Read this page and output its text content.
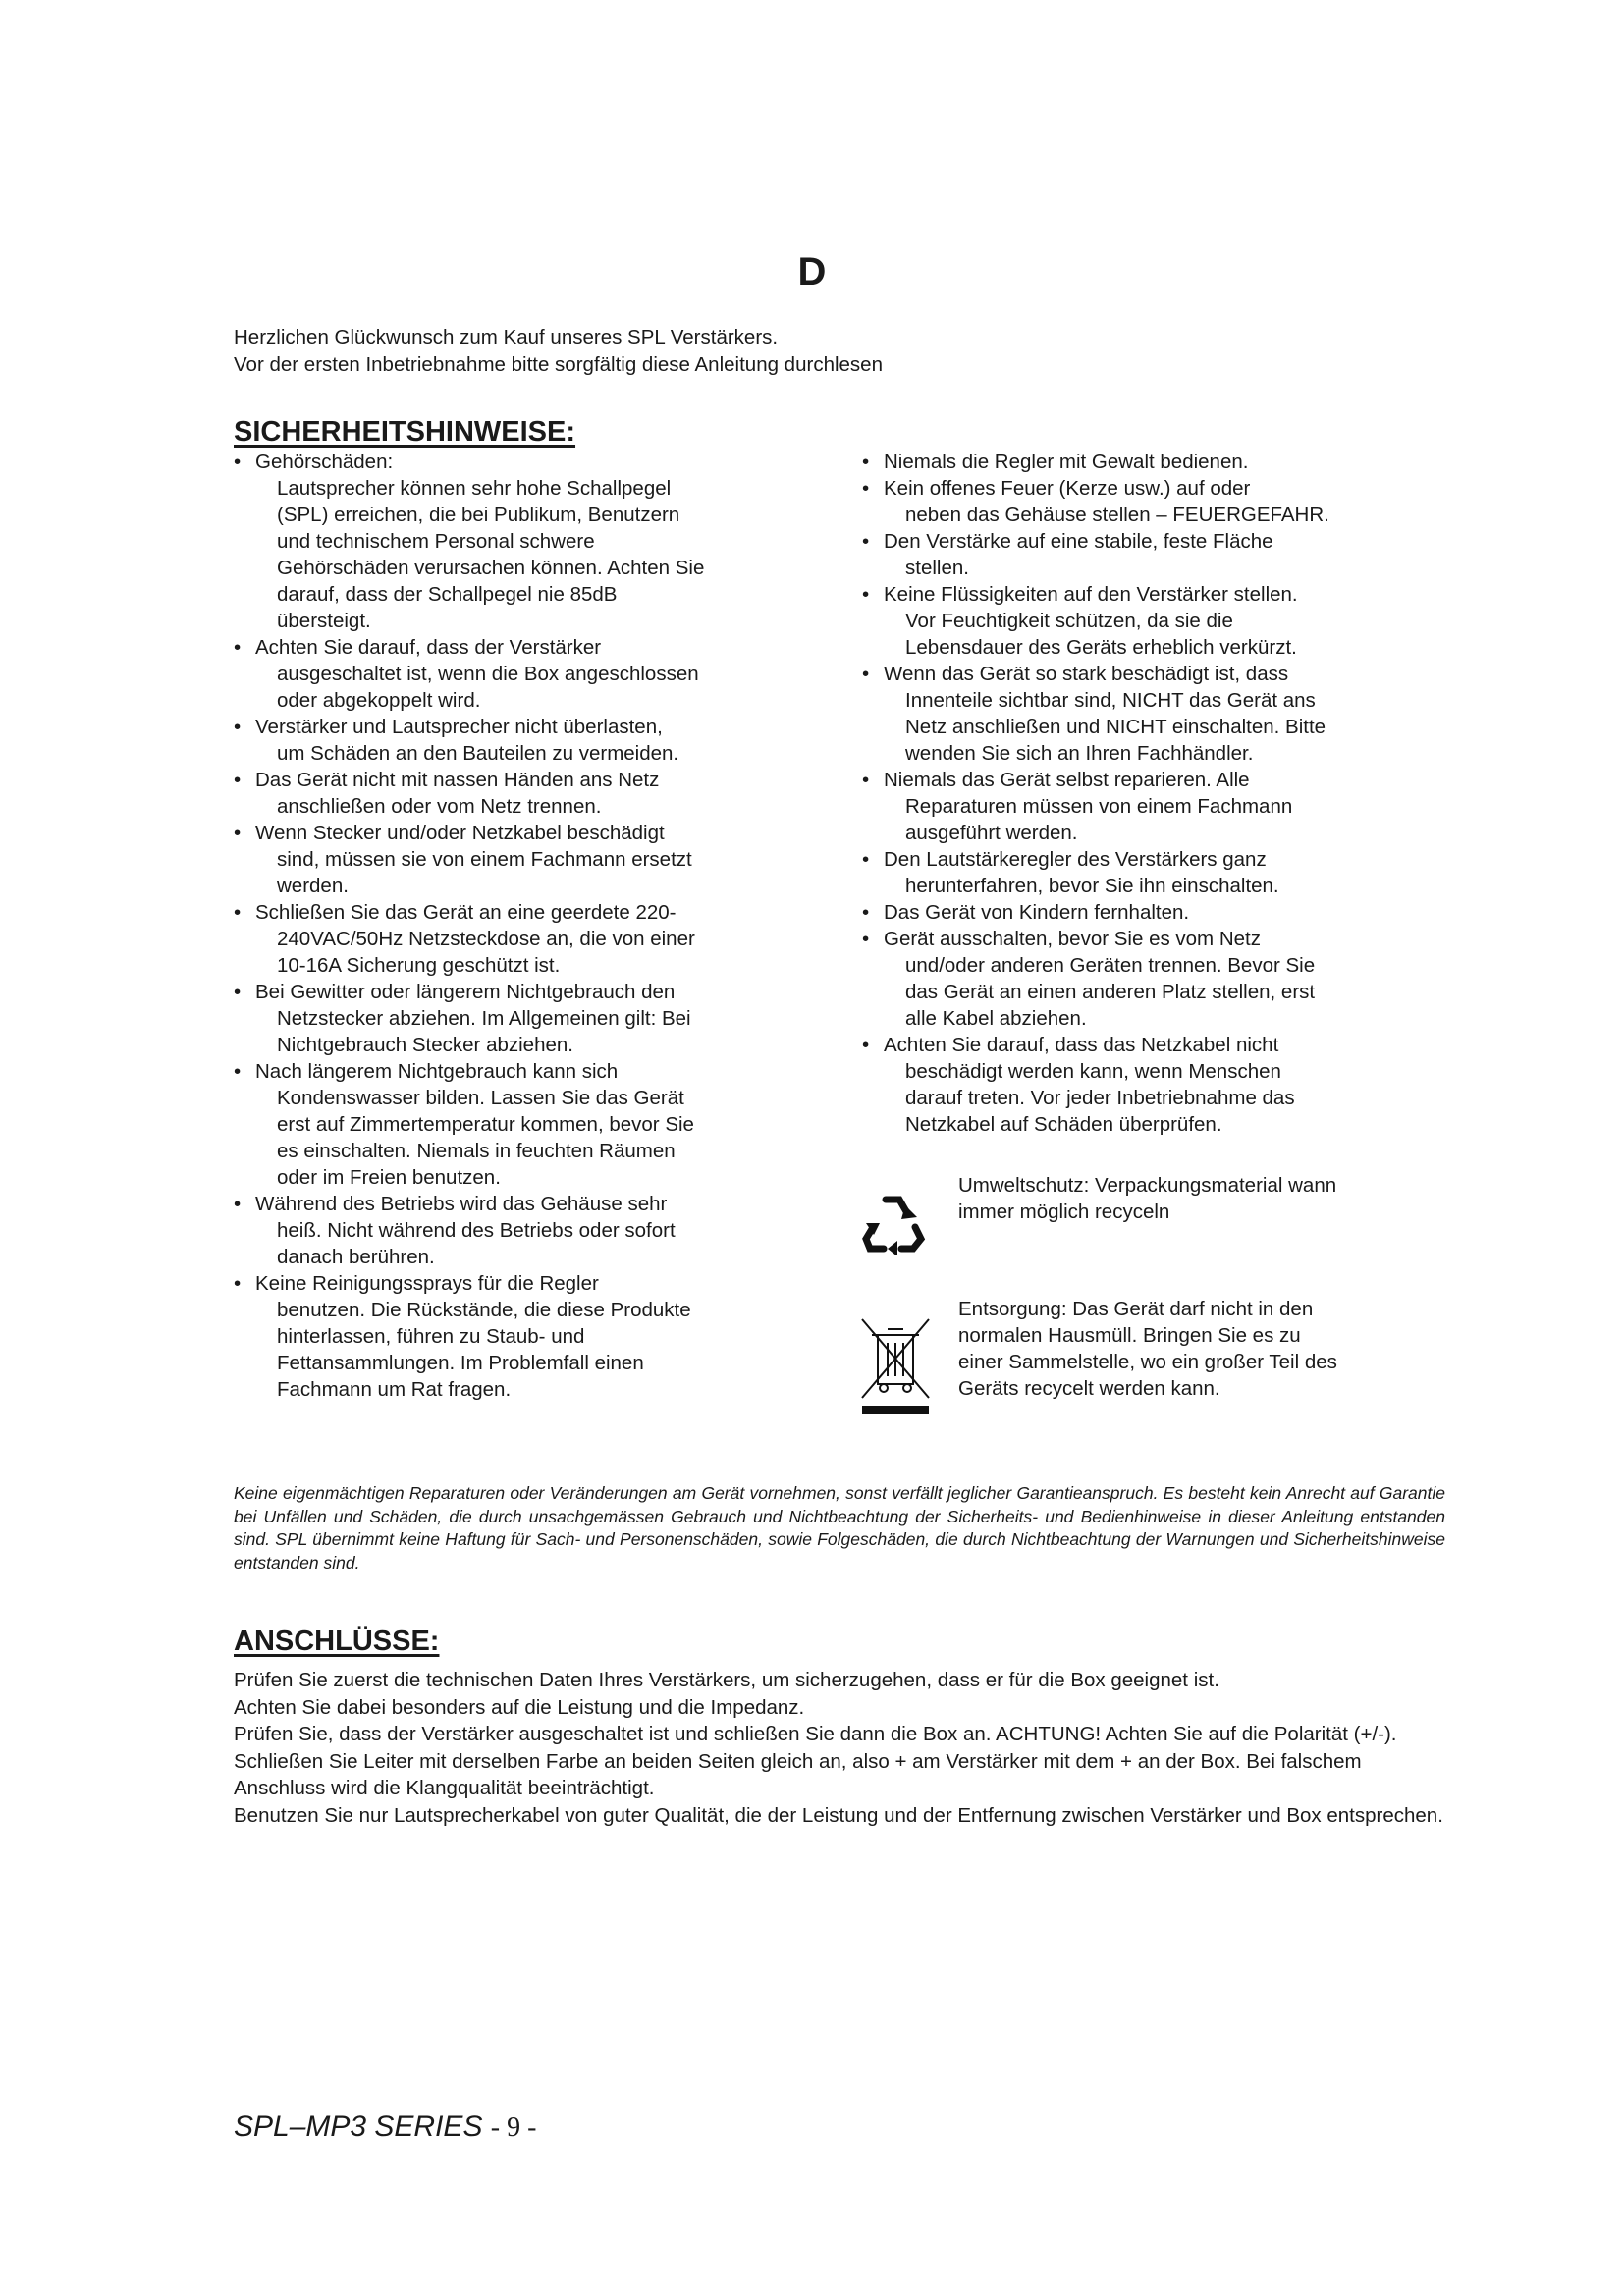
D
Herzlichen Glückwunsch zum Kauf unseres SPL Verstärkers.
Vor der ersten Inbetriebnahme bitte sorgfältig diese Anleitung durchlesen
SICHERHEITSHINWEISE:
• Gehörschäden:
Lautsprecher können sehr hohe Schallpegel
(SPL) erreichen, die bei Publikum, Benutzern
und technischem Personal schwere
Gehörschäden verursachen können. Achten Sie
darauf, dass der Schallpegel nie 85dB
übersteigt.
• Achten Sie darauf, dass der Verstärker
ausgeschaltet ist, wenn die Box angeschlossen
oder abgekoppelt wird.
• Verstärker und Lautsprecher nicht überlasten,
um Schäden an den Bauteilen zu vermeiden.
• Das Gerät nicht mit nassen Händen ans Netz
anschließen oder vom Netz trennen.
• Wenn Stecker und/oder Netzkabel beschädigt
sind, müssen sie von einem Fachmann ersetzt
werden.
• Schließen Sie das Gerät an eine geerdete 220-
240VAC/50Hz Netzsteckdose an, die von einer
10-16A Sicherung geschützt ist.
• Bei Gewitter oder längerem Nichtgebrauch den
Netzstecker abziehen. Im Allgemeinen gilt: Bei
Nichtgebrauch Stecker abziehen.
• Nach längerem Nichtgebrauch kann sich
Kondenswasser bilden. Lassen Sie das Gerät
erst auf Zimmertemperatur kommen, bevor Sie
es einschalten. Niemals in feuchten Räumen
oder im Freien benutzen.
• Während des Betriebs wird das Gehäuse sehr
heiß. Nicht während des Betriebs oder sofort
danach berühren.
• Keine Reinigungssprays für die Regler
benutzen. Die Rückstände, die diese Produkte
hinterlassen, führen zu Staub- und
Fettansammlungen. Im Problemfall einen
Fachmann um Rat fragen.
• Niemals die Regler mit Gewalt bedienen.
• Kein offenes Feuer (Kerze usw.) auf oder
neben das Gehäuse stellen – FEUERGEFAHR.
• Den Verstärke auf eine stabile, feste Fläche
stellen.
• Keine Flüssigkeiten auf den Verstärker stellen.
Vor Feuchtigkeit schützen, da sie die
Lebensdauer des Geräts erheblich verkürzt.
• Wenn das Gerät so stark beschädigt ist, dass
Innenteile sichtbar sind, NICHT das Gerät ans
Netz anschließen und NICHT einschalten. Bitte
wenden Sie sich an Ihren Fachhändler.
• Niemals das Gerät selbst reparieren. Alle
Reparaturen müssen von einem Fachmann
ausgeführt werden.
• Den Lautstärkeregler des Verstärkers ganz
herunterfahren, bevor Sie ihn einschalten.
• Das Gerät von Kindern fernhalten.
• Gerät ausschalten, bevor Sie es vom Netz
und/oder anderen Geräten trennen. Bevor Sie
das Gerät an einen anderen Platz stellen, erst
alle Kabel abziehen.
• Achten Sie darauf, dass das Netzkabel nicht
beschädigt werden kann, wenn Menschen
darauf treten. Vor jeder Inbetriebnahme das
Netzkabel auf Schäden überprüfen.
Umweltschutz: Verpackungsmaterial wann
immer möglich recyceln
Entsorgung: Das Gerät darf nicht in den
normalen Hausmüll. Bringen Sie es zu
einer Sammelstelle, wo ein großer Teil des
Geräts recycelt werden kann.
Keine eigenmächtigen Reparaturen oder Veränderungen am Gerät vornehmen, sonst verfällt jeglicher Garantieanspruch. Es besteht kein Anrecht auf Garantie bei Unfällen und Schäden, die durch unsachgemässen Gebrauch und Nichtbeachtung der Sicherheits- und Bedienhinweise in dieser Anleitung entstanden sind. SPL übernimmt keine Haftung für Sach- und Personenschäden, sowie Folgeschäden, die durch Nichtbeachtung der Warnungen und Sicherheitshinweise entstanden sind.
ANSCHLÜSSE:

Prüfen Sie zuerst die technischen Daten Ihres Verstärkers, um sicherzugehen, dass er für die Box geeignet ist.

Achten Sie dabei besonders auf die Leistung und die Impedanz.

Prüfen Sie, dass der Verstärker ausgeschaltet ist und schließen Sie dann die Box an. ACHTUNG! Achten Sie auf die Polarität (+/-). Schließen Sie Leiter mit derselben Farbe an beiden Seiten gleich an, also + am Verstärker mit dem + an der Box. Bei falschem Anschluss wird die Klangqualität beeinträchtigt.

Benutzen Sie nur Lautsprecherkabel von guter Qualität, die der Leistung und der Entfernung zwischen Verstärker und Box entsprechen.

SPL–MP3 SERIES - 9 -
